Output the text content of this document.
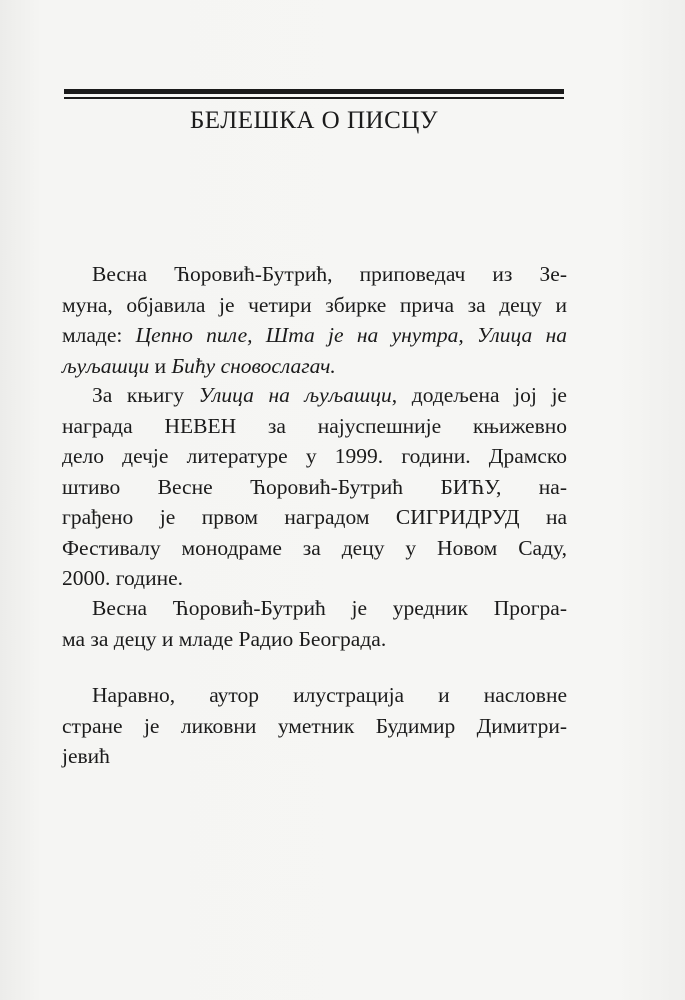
БЕЛЕШКА О ПИСЦУ
Весна Ћоровић-Бутрић, приповедач из Зе-
муна, објавила је четири збирке прича за децу и
младе: Цепно пиле, Шта је на унутра, Улица на
љуљашци и Бићу сновослагач.
За књигу Улица на љуљашци, додељена јој је
награда НЕВЕН за најуспешније књижевно
дело дечје литературе у 1999. години. Драмско
штиво Весне Ћоровић-Бутрић БИЋУ, на-
грађено је првом наградом СИГРИДРУД на
Фестивалу монодраме за децу у Новом Саду,
2000. године.
Весна Ћоровић-Бутрић је уредник Програ-
ма за децу и младе Радио Београда.
Наравно, аутор илустрација и насловне
стране је ликовни уметник Будимир Димитри-
јевић
